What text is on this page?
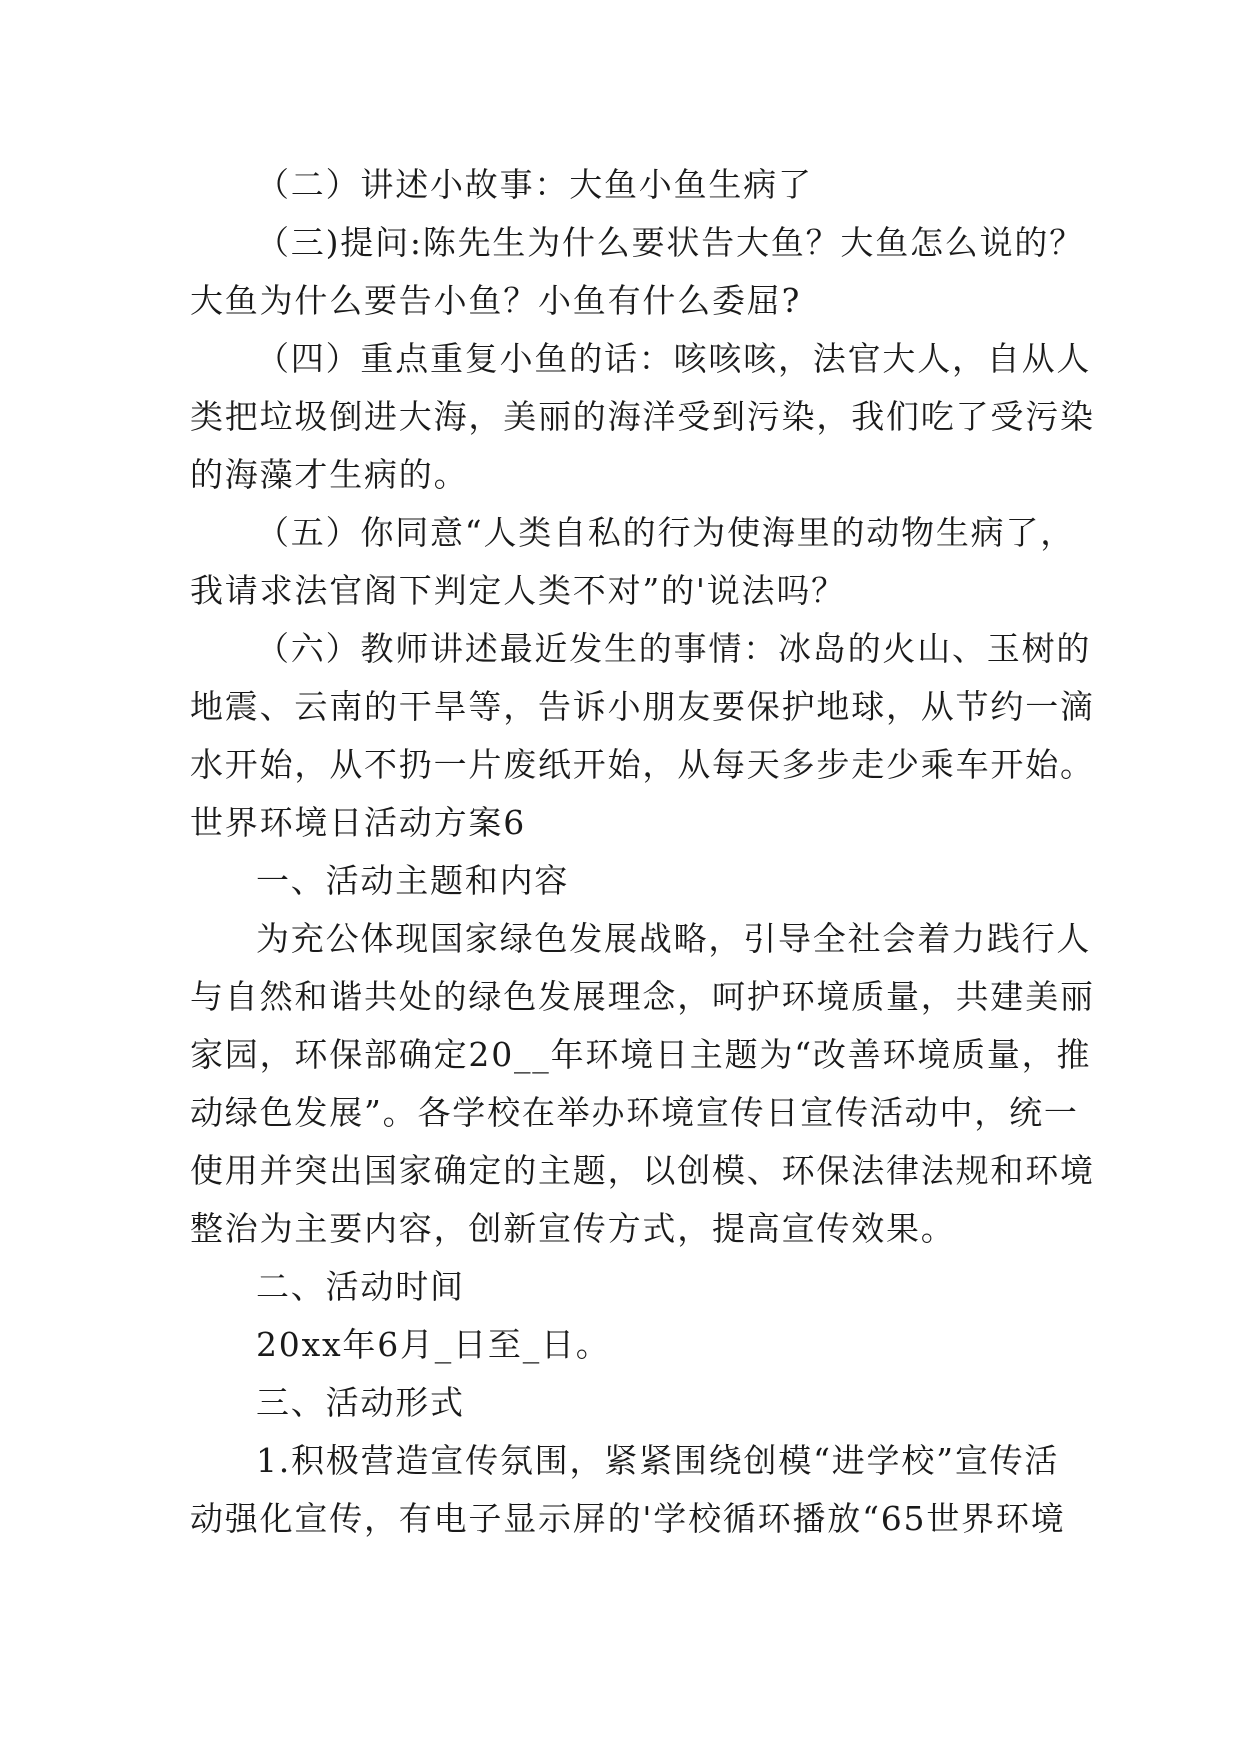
（二）讲述小故事：大鱼小鱼生病了
（三)提问:陈先生为什么要状告大鱼？大鱼怎么说的？
大鱼为什么要告小鱼？小鱼有什么委屈?
（四）重点重复小鱼的话：咳咳咳，法官大人，自从人
类把垃圾倒进大海，美丽的海洋受到污染，我们吃了受污染
的海藻才生病的。
（五）你同意“人类自私的行为使海里的动物生病了，
我请求法官阁下判定人类不对”的'说法吗？
（六）教师讲述最近发生的事情：冰岛的火山、玉树的
地震、云南的干旱等，告诉小朋友要保护地球，从节约一滴
水开始，从不扔一片废纸开始，从每天多步走少乘车开始。
世界环境日活动方案6
一、活动主题和内容
为充公体现国家绿色发展战略，引导全社会着力践行人
与自然和谐共处的绿色发展理念，呵护环境质量，共建美丽
家园，环保部确定20__年环境日主题为“改善环境质量，推
动绿色发展”。各学校在举办环境宣传日宣传活动中，统一
使用并突出国家确定的主题，以创模、环保法律法规和环境
整治为主要内容，创新宣传方式，提高宣传效果。
二、活动时间
20xx年6月_日至_日。
三、活动形式
1.积极营造宣传氛围，紧紧围绕创模“进学校”宣传活
动强化宣传，有电子显示屏的'学校循环播放“65世界环境
